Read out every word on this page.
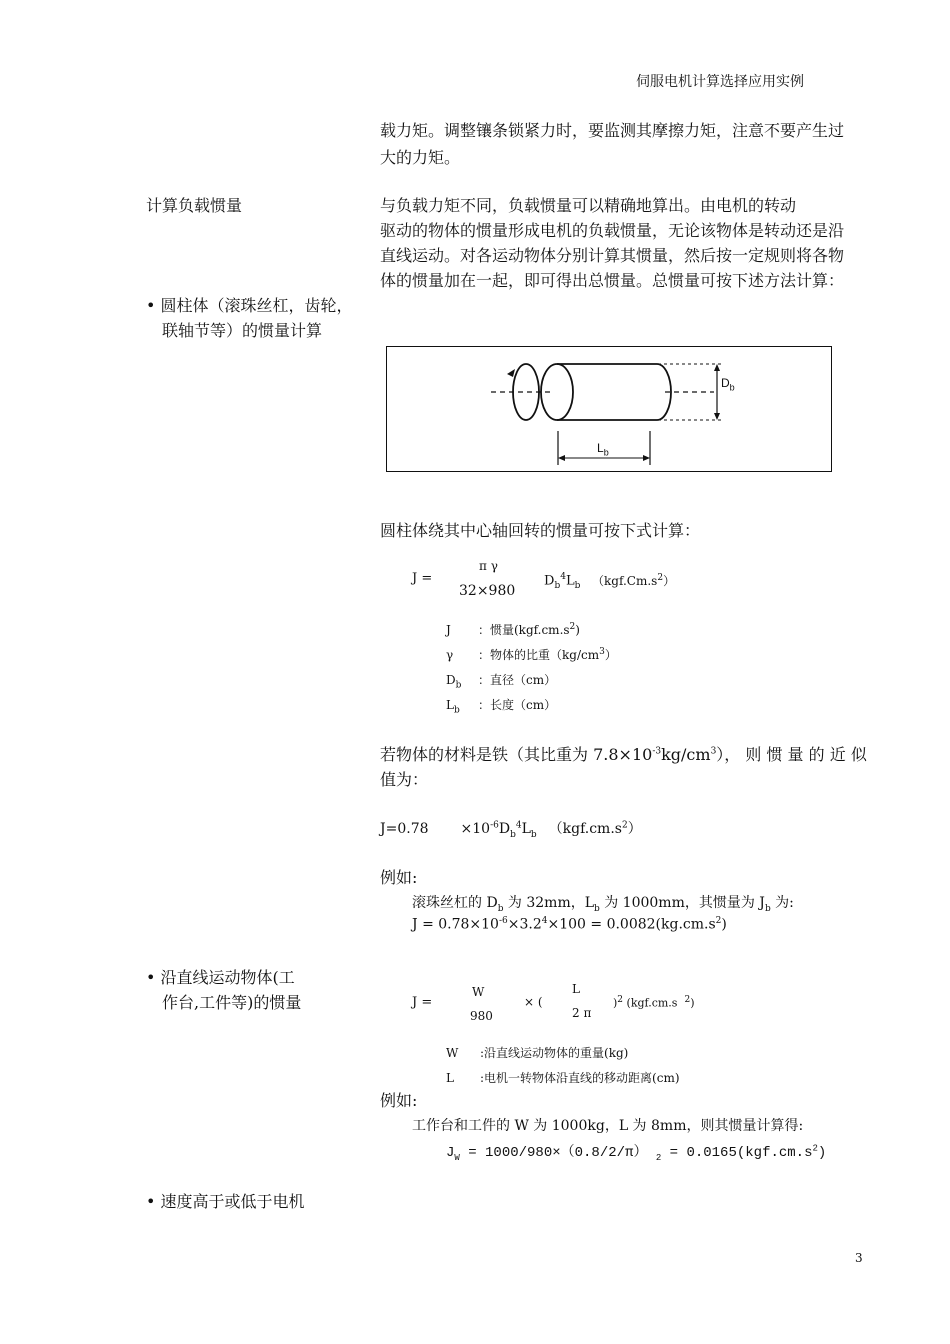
伺服电机计算选择应用实例
载力矩。调整镶条锁紧力时，要监测其摩擦力矩，注意不要产生过
大的力矩。
计算负载惯量	与负载力矩不同，负载惯量可以精确地算出。由电机的转动
驱动的物体的惯量形成电机的负载惯量，无论该物体是转动还是沿
直线运动。对各运动物体分别计算其惯量，然后按一定规则将各物
体的惯量加在一起，即可得出总惯量。总惯量可按下述方法计算：
• 圆柱体（滚珠丝杠，齿轮，
联轴节等）的惯量计算
$D_b$
$L_b$
圆柱体绕其中心轴回转的惯量可按下式计算：
J =
π γ
32×980
$D_b^4L_b$ $(kgf.Cm.s^2)$
J ：惯量$(kgf.cm.s^2)$
γ ：物体的比重$(kg/cm^3)$
$D_b$ ：直径（cm）
$L_b$ ：长度（cm）
若物体的材料是铁（其比重为 $7.8\times 10^{-3}kg/cm^3$）， 则 惯 量 的 近 似
值为：
$J=0.78 \times 10^{-6}D_b^4L_b$ $(kgf.cm.s^2)$
例如:
滚珠丝杠的 $D_b$ 为 32mm，$L_b$ 为 1000mm，其惯量为 $J_b$ 为:
$J = 0.78\times 10^{-6}\times 3.2^4\times 100 = 0.0082(kg.cm.s^2)$
• 沿直线运动物体(工
作台,工件等)的惯量	J =
W
980
× (
L
2 π
)$^2$ (kgf.cm.s $^2$)
W :沿直线运动物体的重量(kg)
L :电机一转物体沿直线的移动距离(cm)
例如:
工作台和工件的 W 为 1000kg，L 为 8mm，则其惯量计算得:
$J_W = 1000/980\times(0.8/2/\pi) _2 = 0.0165(kgf.cm.s^2)$
• 速度高于或低于电机
3
